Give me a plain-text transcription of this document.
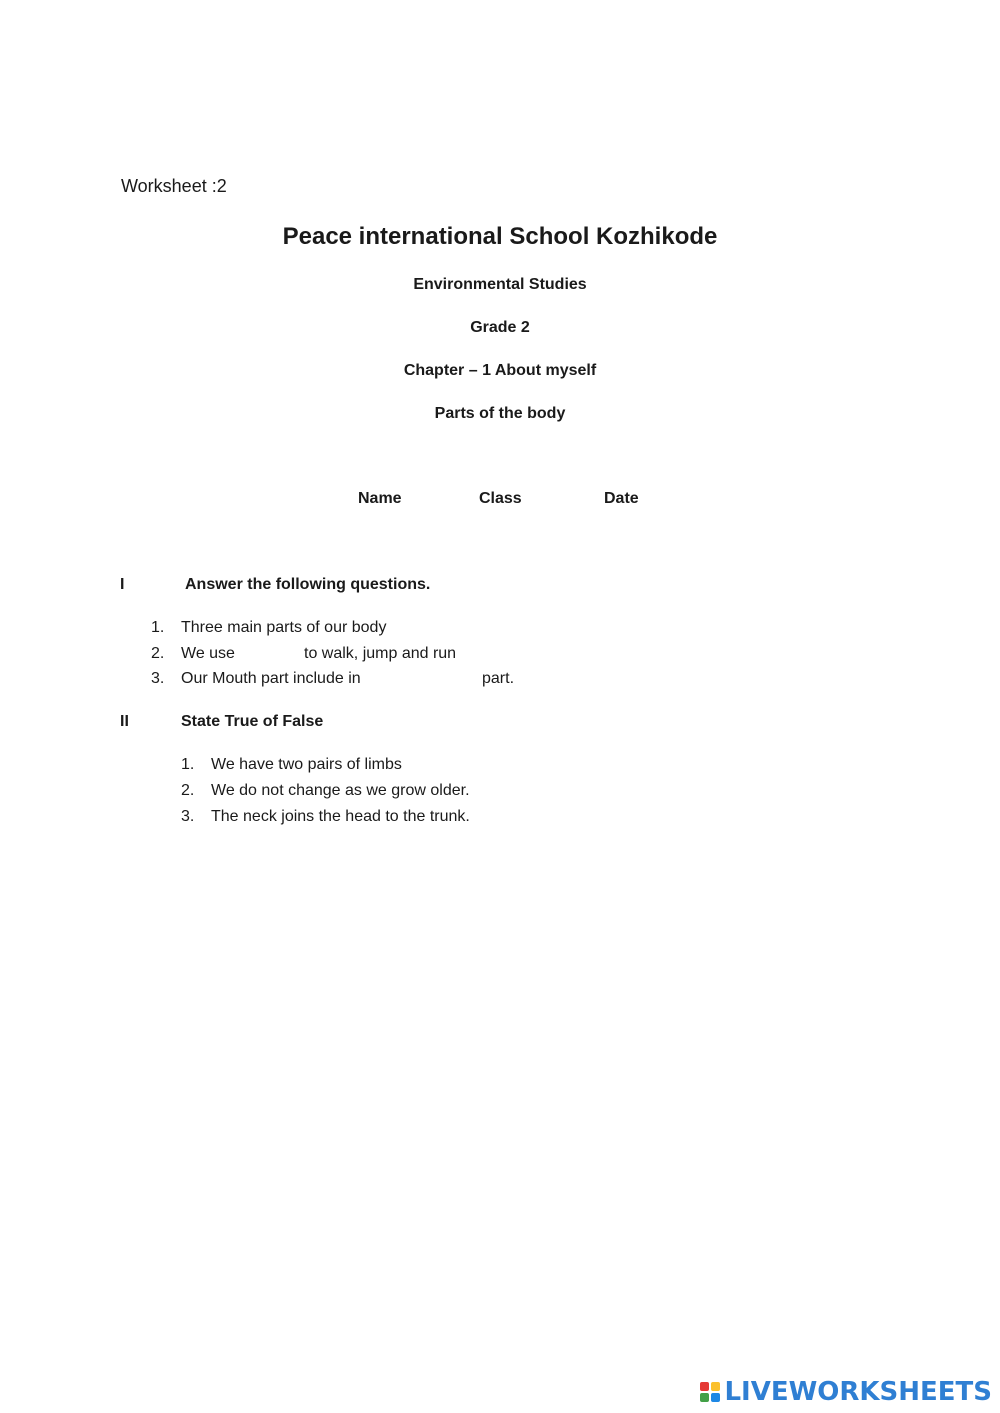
Worksheet :2
Peace international School Kozhikode
Environmental Studies
Grade 2
Chapter – 1 About myself
Parts of the body
Name	Class	Date
I	Answer the following questions.
1. Three main parts of our body
2. We use	to walk, jump and run
3. Our Mouth part include in	part.
II	State True of False
1. We have two pairs of limbs
2. We do not change as we grow older.
3. The neck joins the head to the trunk.
LIVEWORKSHEETS
